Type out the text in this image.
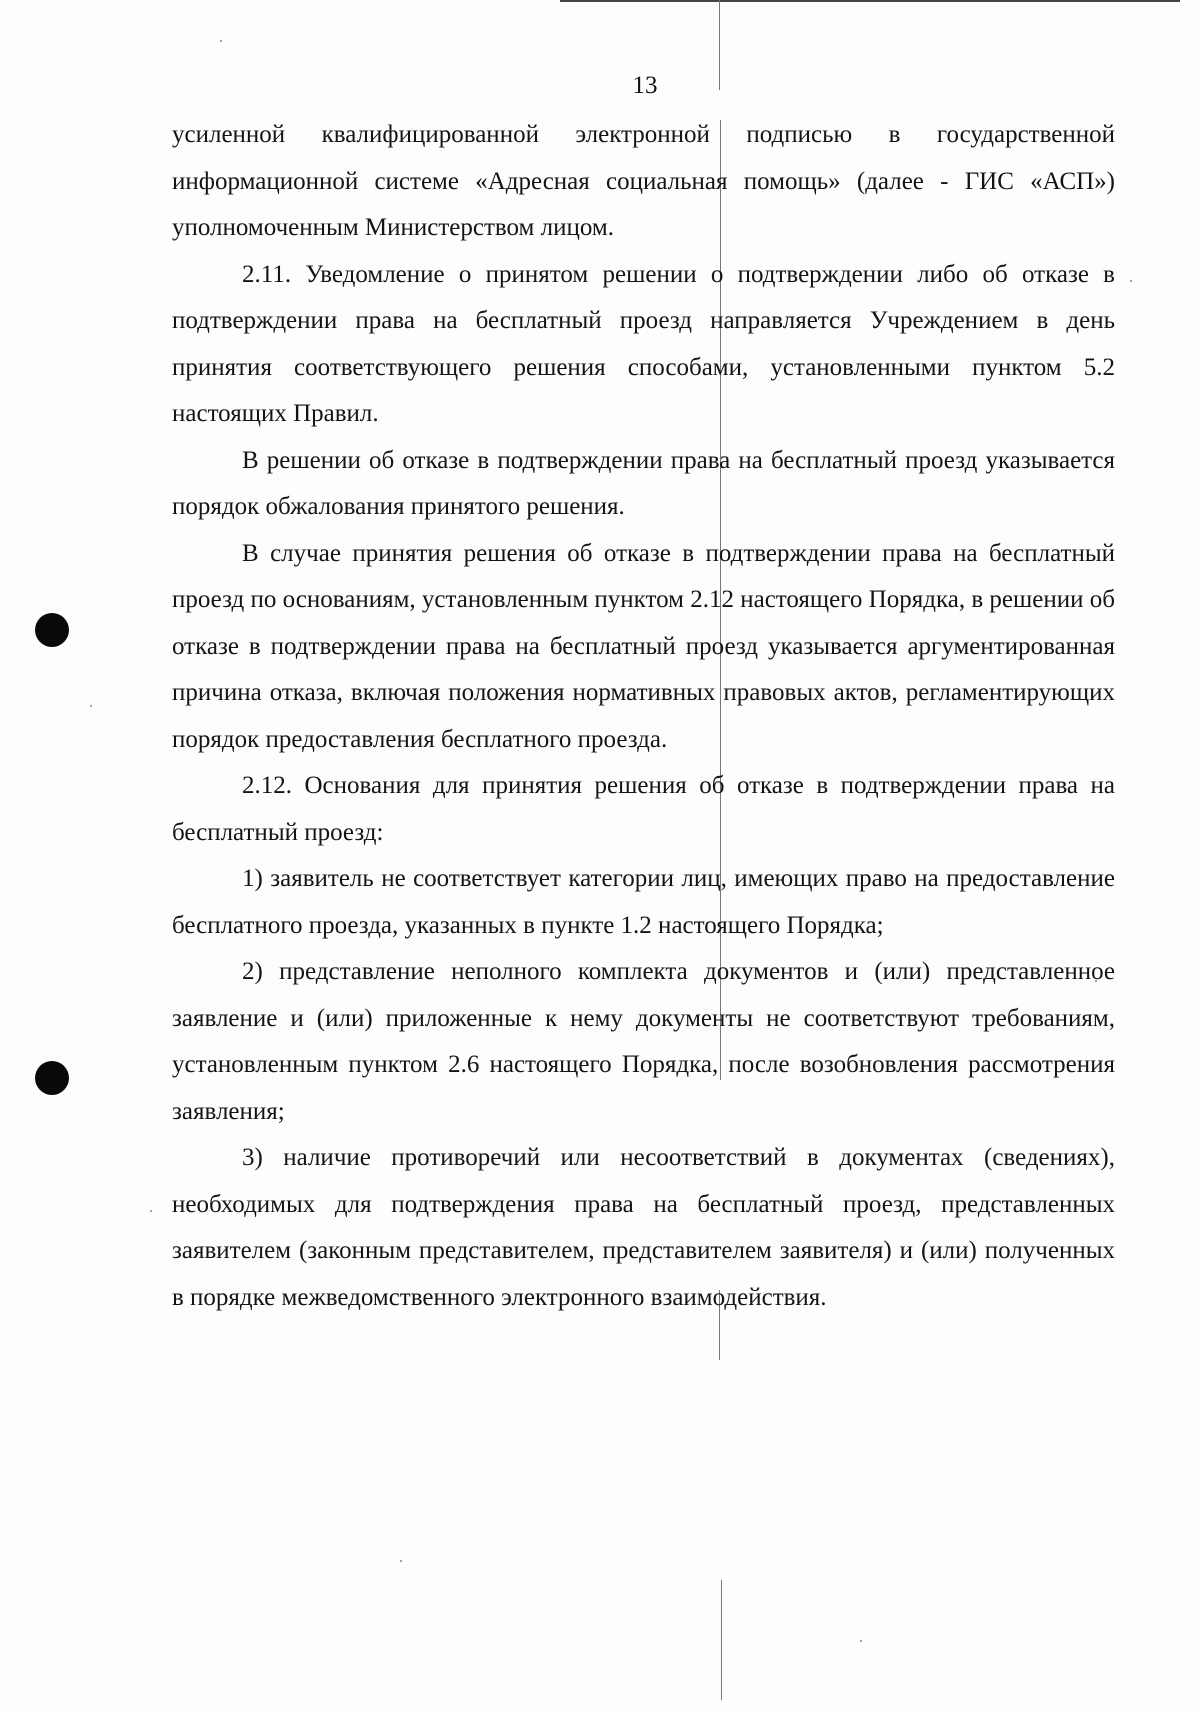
13

усиленной квалифицированной электронной подписью в государственной информационной системе «Адресная социальная помощь» (далее - ГИС «АСП») уполномоченным Министерством лицом.

2.11. Уведомление о принятом решении о подтверждении либо об отказе в подтверждении права на бесплатный проезд направляется Учреждением в день принятия соответствующего решения способами, установленными пунктом 5.2 настоящих Правил.

В решении об отказе в подтверждении права на бесплатный проезд указывается порядок обжалования принятого решения.

В случае принятия решения об отказе в подтверждении права на бесплатный проезд по основаниям, установленным пунктом 2.12 настоящего Порядка, в решении об отказе в подтверждении права на бесплатный проезд указывается аргументированная причина отказа, включая положения нормативных правовых актов, регламентирующих порядок предоставления бесплатного проезда.

2.12. Основания для принятия решения об отказе в подтверждении права на бесплатный проезд:

1) заявитель не соответствует категории лиц, имеющих право на предоставление бесплатного проезда, указанных в пункте 1.2 настоящего Порядка;

2) представление неполного комплекта документов и (или) представленное заявление и (или) приложенные к нему документы не соответствуют требованиям, установленным пунктом 2.6 настоящего Порядка, после возобновления рассмотрения заявления;

3) наличие противоречий или несоответствий в документах (сведениях), необходимых для подтверждения права на бесплатный проезд, представленных заявителем (законным представителем, представителем заявителя) и (или) полученных в порядке межведомственного электронного взаимодействия.
